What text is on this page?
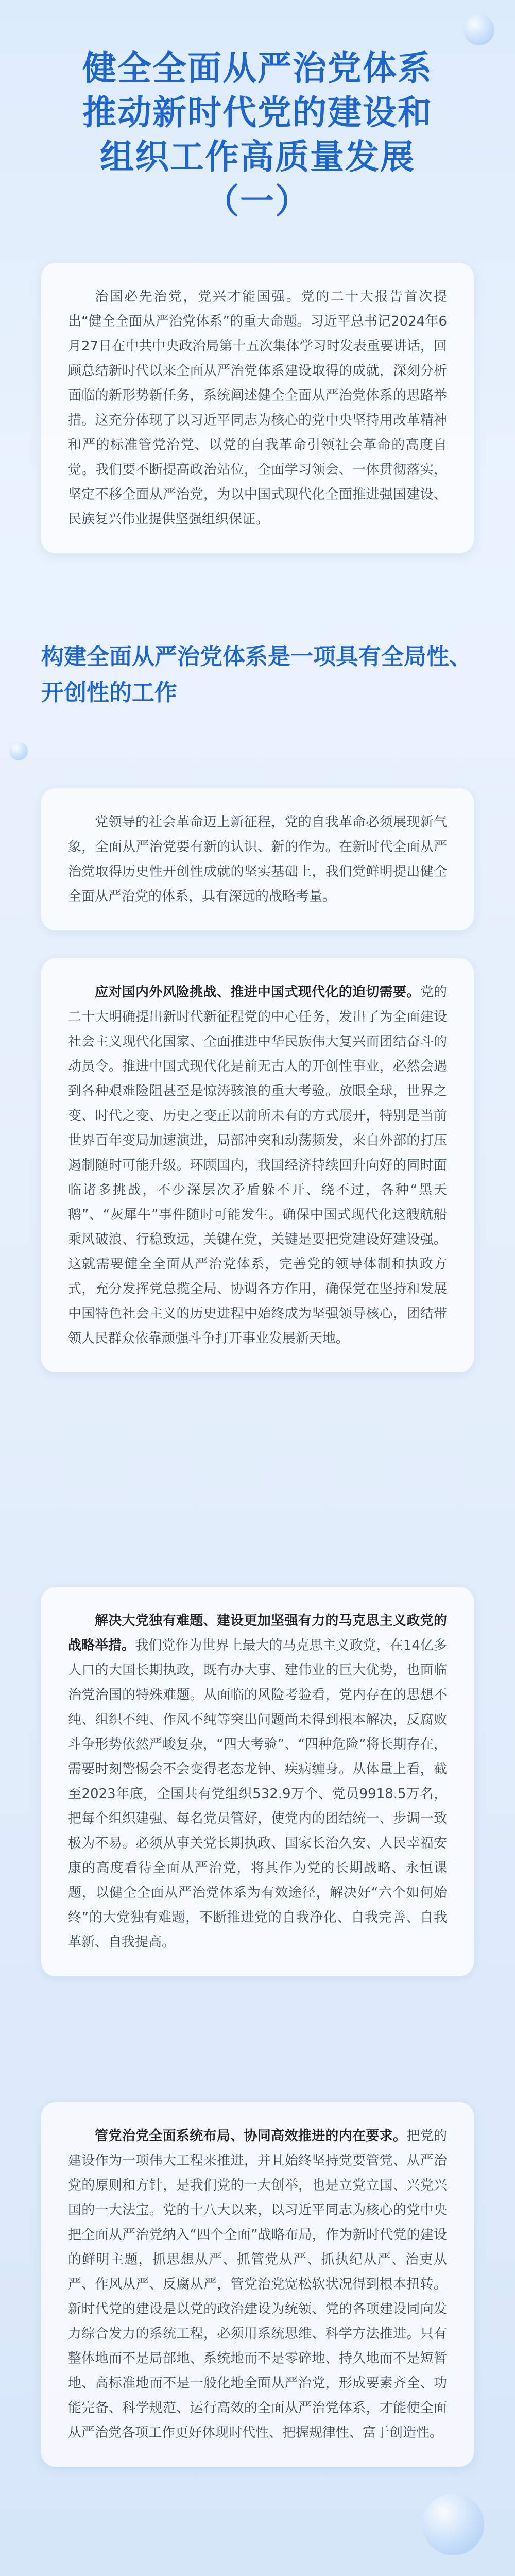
健全全面从严治党体系
推动新时代党的建设和
组织工作高质量发展
（一）

治国必先治党，党兴才能国强。党的二十大报告首次提出“健全全面从严治党体系”的重大命题。习近平总书记2024年6月27日在中共中央政治局第十五次集体学习时发表重要讲话，回顾总结新时代以来全面从严治党体系建设取得的成就，深刻分析面临的新形势新任务，系统阐述健全全面从严治党体系的思路举措。这充分体现了以习近平同志为核心的党中央坚持用改革精神和严的标准管党治党、以党的自我革命引领社会革命的高度自觉。我们要不断提高政治站位，全面学习领会、一体贯彻落实，坚定不移全面从严治党，为以中国式现代化全面推进强国建设、民族复兴伟业提供坚强组织保证。

构建全面从严治党体系是一项具有全局性、开创性的工作

党领导的社会革命迈上新征程，党的自我革命必须展现新气象，全面从严治党要有新的认识、新的作为。在新时代全面从严治党取得历史性开创性成就的坚实基础上，我们党鲜明提出健全全面从严治党的体系，具有深远的战略考量。

应对国内外风险挑战、推进中国式现代化的迫切需要。党的二十大明确提出新时代新征程党的中心任务，发出了为全面建设社会主义现代化国家、全面推进中华民族伟大复兴而团结奋斗的动员令。推进中国式现代化是前无古人的开创性事业，必然会遇到各种艰难险阻甚至是惊涛骇浪的重大考验。放眼全球，世界之变、时代之变、历史之变正以前所未有的方式展开，特别是当前世界百年变局加速演进，局部冲突和动荡频发，来自外部的打压遏制随时可能升级。环顾国内，我国经济持续回升向好的同时面临诸多挑战，不少深层次矛盾躲不开、绕不过，各种“黑天鹅”、“灰犀牛”事件随时可能发生。确保中国式现代化这艘航船乘风破浪、行稳致远，关键在党，关键是要把党建设好建设强。这就需要健全全面从严治党体系，完善党的领导体制和执政方式，充分发挥党总揽全局、协调各方作用，确保党在坚持和发展中国特色社会主义的历史进程中始终成为坚强领导核心，团结带领人民群众依靠顽强斗争打开事业发展新天地。

解决大党独有难题、建设更加坚强有力的马克思主义政党的战略举措。我们党作为世界上最大的马克思主义政党，在14亿多人口的大国长期执政，既有办大事、建伟业的巨大优势，也面临治党治国的特殊难题。从面临的风险考验看，党内存在的思想不纯、组织不纯、作风不纯等突出问题尚未得到根本解决，反腐败斗争形势依然严峻复杂，“四大考验”、“四种危险”将长期存在，需要时刻警惕会不会变得老态龙钟、疾病缠身。从体量上看，截至2023年底，全国共有党组织532.9万个、党员9918.5万名，把每个组织建强、每名党员管好，使党内的团结统一、步调一致极为不易。必须从事关党长期执政、国家长治久安、人民幸福安康的高度看待全面从严治党，将其作为党的长期战略、永恒课题，以健全全面从严治党体系为有效途径，解决好“六个如何始终”的大党独有难题，不断推进党的自我净化、自我完善、自我革新、自我提高。

管党治党全面系统布局、协同高效推进的内在要求。把党的建设作为一项伟大工程来推进，并且始终坚持党要管党、从严治党的原则和方针，是我们党的一大创举，也是立党立国、兴党兴国的一大法宝。党的十八大以来，以习近平同志为核心的党中央把全面从严治党纳入“四个全面”战略布局，作为新时代党的建设的鲜明主题，抓思想从严、抓管党从严、抓执纪从严、治吏从严、作风从严、反腐从严，管党治党宽松软状况得到根本扭转。新时代党的建设是以党的政治建设为统领、党的各项建设同向发力综合发力的系统工程，必须用系统思维、科学方法推进。只有整体地而不是局部地、系统地而不是零碎地、持久地而不是短暂地、高标准地而不是一般化地全面从严治党，形成要素齐全、功能完备、科学规范、运行高效的全面从严治党体系，才能使全面从严治党各项工作更好体现时代性、把握规律性、富于创造性。
